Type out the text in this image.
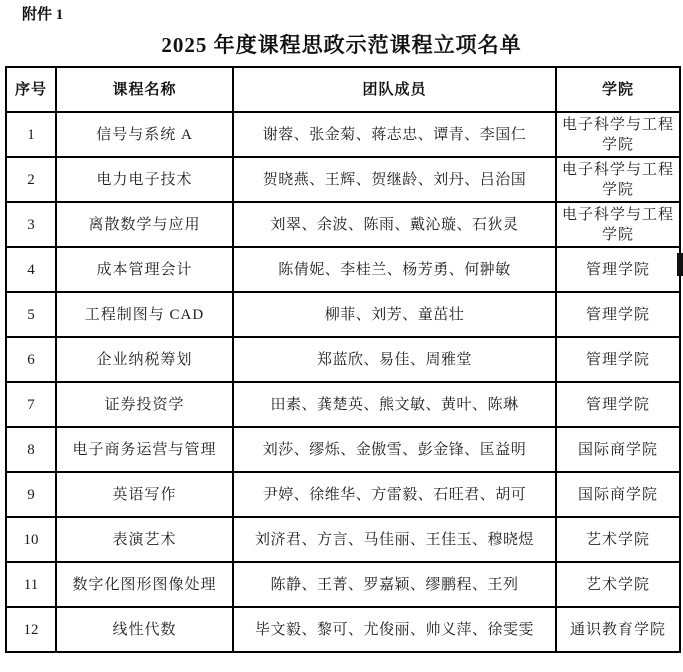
附件 1
2025 年度课程思政示范课程立项名单
序号	课程名称	团队成员	学院
1	信号与系统 A	谢蓉、张金菊、蒋志忠、谭青、李国仁	电子科学与工程学院
2	电力电子技术	贺晓燕、王辉、贺继龄、刘丹、吕治国	电子科学与工程学院
3	离散数学与应用	刘翠、余波、陈雨、戴沁璇、石狄灵	电子科学与工程学院
4	成本管理会计	陈倩妮、李桂兰、杨芳勇、何翀敏	管理学院
5	工程制图与 CAD	柳菲、刘芳、童茁壮	管理学院
6	企业纳税筹划	郑蓝欣、易佳、周雅堂	管理学院
7	证券投资学	田素、龚楚英、熊文敏、黄叶、陈琳	管理学院
8	电子商务运营与管理	刘莎、缪烁、金傲雪、彭金锋、匡益明	国际商学院
9	英语写作	尹婷、徐维华、方雷毅、石旺君、胡可	国际商学院
10	表演艺术	刘济君、方言、马佳丽、王佳玉、穆晓煜	艺术学院
11	数字化图形图像处理	陈静、王菁、罗嘉颖、缪鹏程、王列	艺术学院
12	线性代数	毕文毅、黎可、尤俊丽、帅义萍、徐雯雯	通识教育学院
